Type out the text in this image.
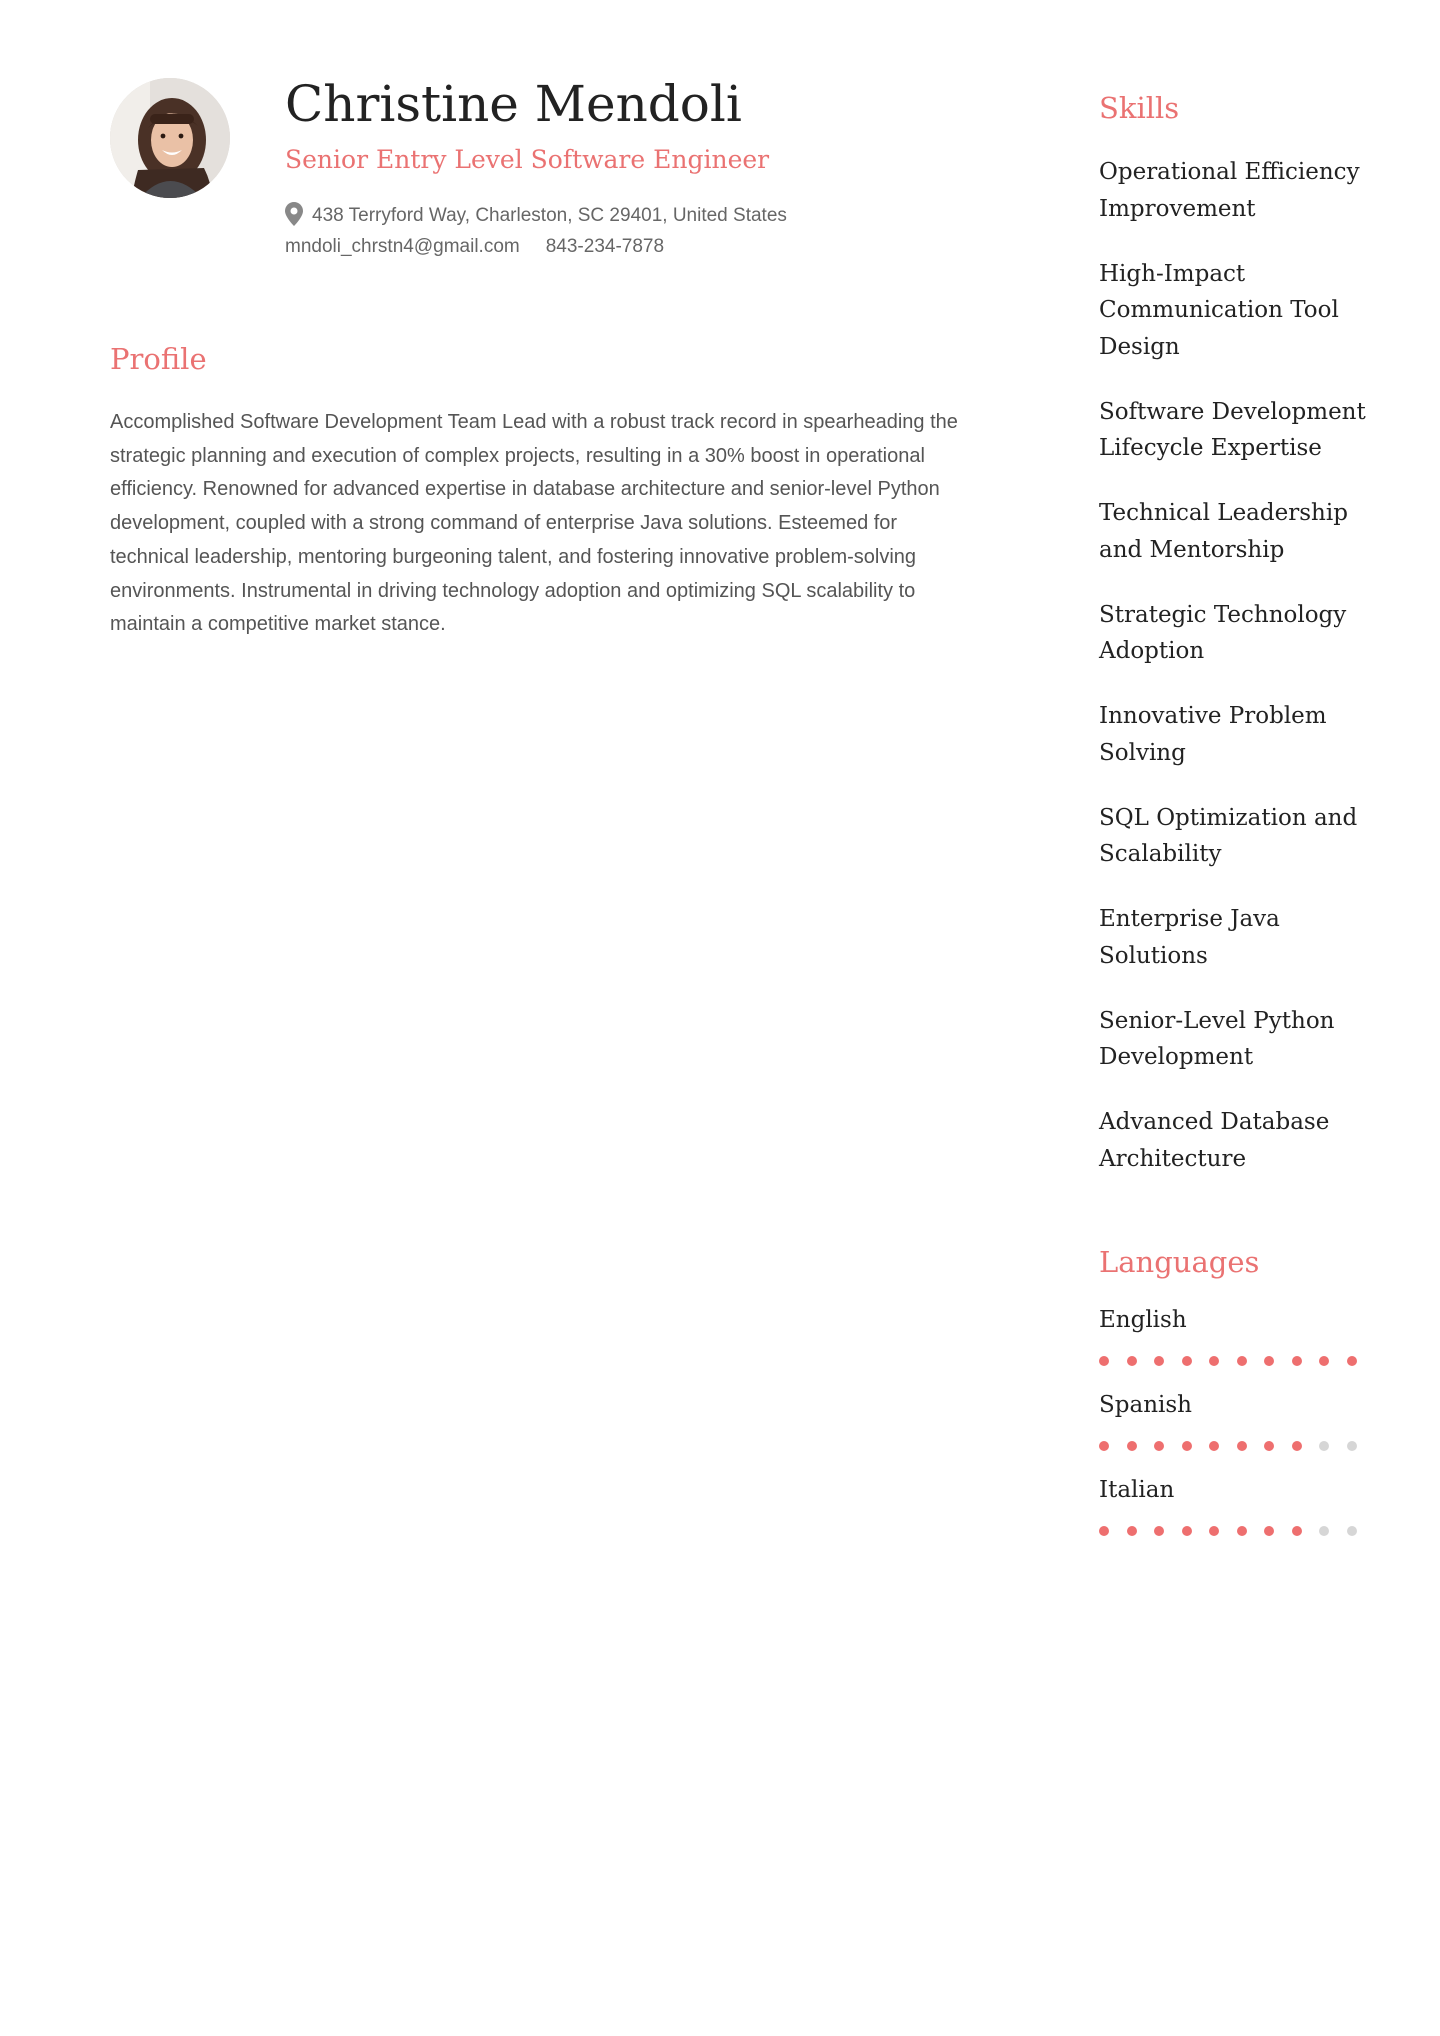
Christine Mendoli
Senior Entry Level Software Engineer
438 Terryford Way, Charleston, SC 29401, United States
mndoli_chrstn4@gmail.com 843-234-7878
Profile

Accomplished Software Development Team Lead with a robust track record in spearheading the strategic planning and execution of complex projects, resulting in a 30% boost in operational efficiency. Renowned for advanced expertise in database architecture and senior-level Python development, coupled with a strong command of enterprise Java solutions. Esteemed for technical leadership, mentoring burgeoning talent, and fostering innovative problem-solving environments. Instrumental in driving technology adoption and optimizing SQL scalability to maintain a competitive market stance.

Skills
Operational Efficiency Improvement
High-Impact Communication Tool Design
Software Development Lifecycle Expertise
Technical Leadership and Mentorship
Strategic Technology Adoption
Innovative Problem Solving
SQL Optimization and Scalability
Enterprise Java Solutions
Senior-Level Python Development
Advanced Database Architecture
Languages

English

Spanish

Italian
